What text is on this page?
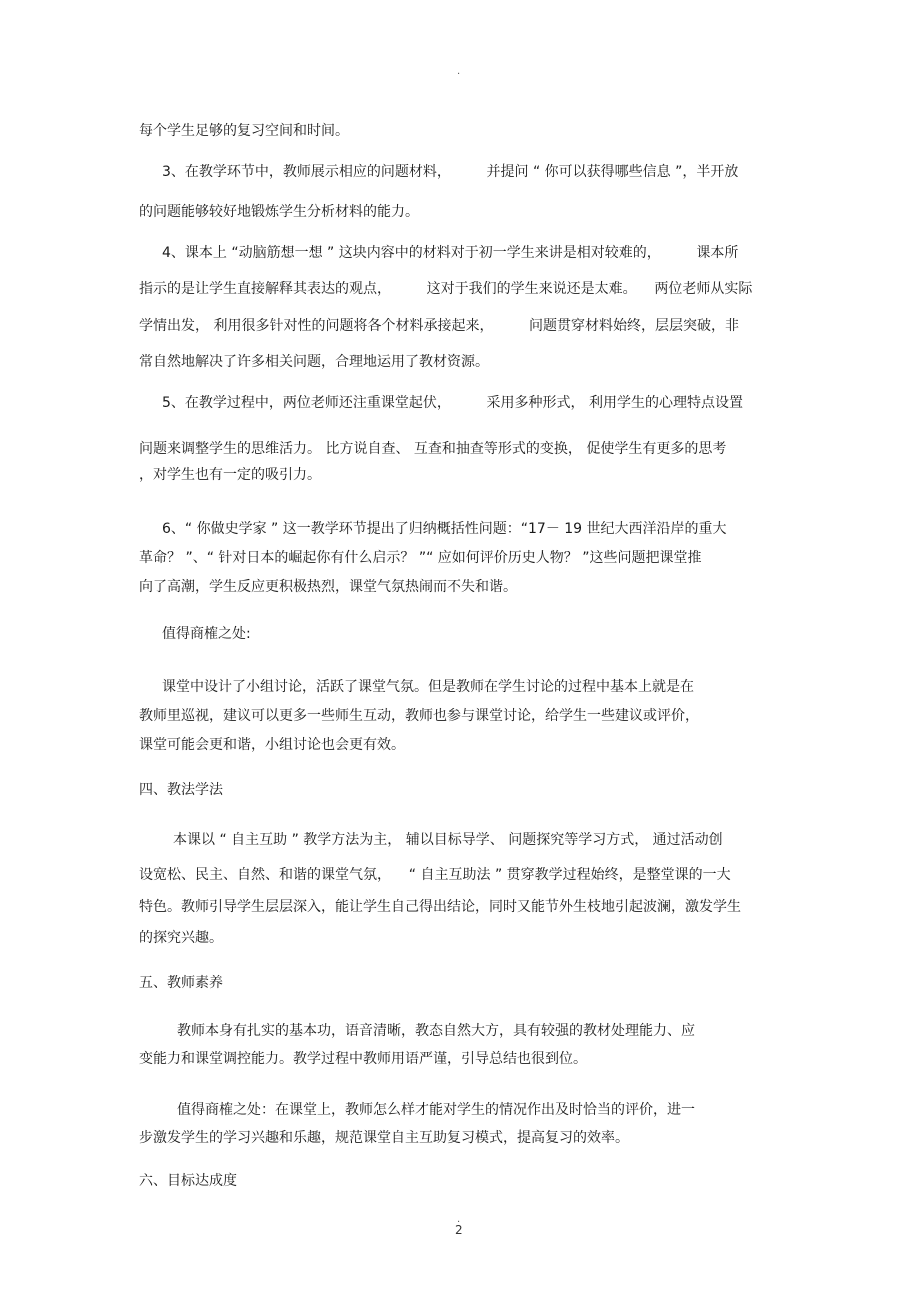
.

每个学生足够的复习空间和时间。

3、在教学环节中，教师展示相应的问题材料，        并提问 “ 你可以获得哪些信息 ”，半开放

的问题能够较好地锻炼学生分析材料的能力。

4、课本上 “动脑筋想一想 ” 这块内容中的材料对于初一学生来讲是相对较难的，        课本所

指示的是让学生直接解释其表达的观点，        这对于我们的学生来说还是太难。    两位老师从实际

学情出发， 利用很多针对性的问题将各个材料承接起来，        问题贯穿材料始终，层层突破，非

常自然地解决了许多相关问题，合理地运用了教材资源。

5、在教学过程中，两位老师还注重课堂起伏，        采用多种形式， 利用学生的心理特点设置

问题来调整学生的思维活力。 比方说自查、 互查和抽查等形式的变换， 促使学生有更多的思考

，对学生也有一定的吸引力。

6、“ 你做史学家 ” 这一教学环节提出了归纳概括性问题：“17－ 19 世纪大西洋沿岸的重大

革命？ ”、“ 针对日本的崛起你有什么启示？ ”“ 应如何评价历史人物？ ”这些问题把课堂推

向了高潮，学生反应更积极热烈，课堂气氛热闹而不失和谐。

值得商榷之处:

课堂中设计了小组讨论，活跃了课堂气氛。但是教师在学生讨论的过程中基本上就是在

教师里巡视，建议可以更多一些师生互动，教师也参与课堂讨论，给学生一些建议或评价，

课堂可能会更和谐，小组讨论也会更有效。

四、教法学法

本课以 “ 自主互助 ” 教学方法为主， 辅以目标导学、 问题探究等学习方式， 通过活动创

设宽松、民主、自然、和谐的课堂气氛，    “ 自主互助法 ” 贯穿教学过程始终，是整堂课的一大

特色。教师引导学生层层深入，能让学生自己得出结论，同时又能节外生枝地引起波澜，激发学生

的探究兴趣。

五、教师素养

教师本身有扎实的基本功，语音清晰，教态自然大方，具有较强的教材处理能力、应

变能力和课堂调控能力。教学过程中教师用语严谨，引导总结也很到位。

值得商榷之处：在课堂上，教师怎么样才能对学生的情况作出及时恰当的评价，进一

步激发学生的学习兴趣和乐趣，规范课堂自主互助复习模式，提高复习的效率。

六、目标达成度

.
2
